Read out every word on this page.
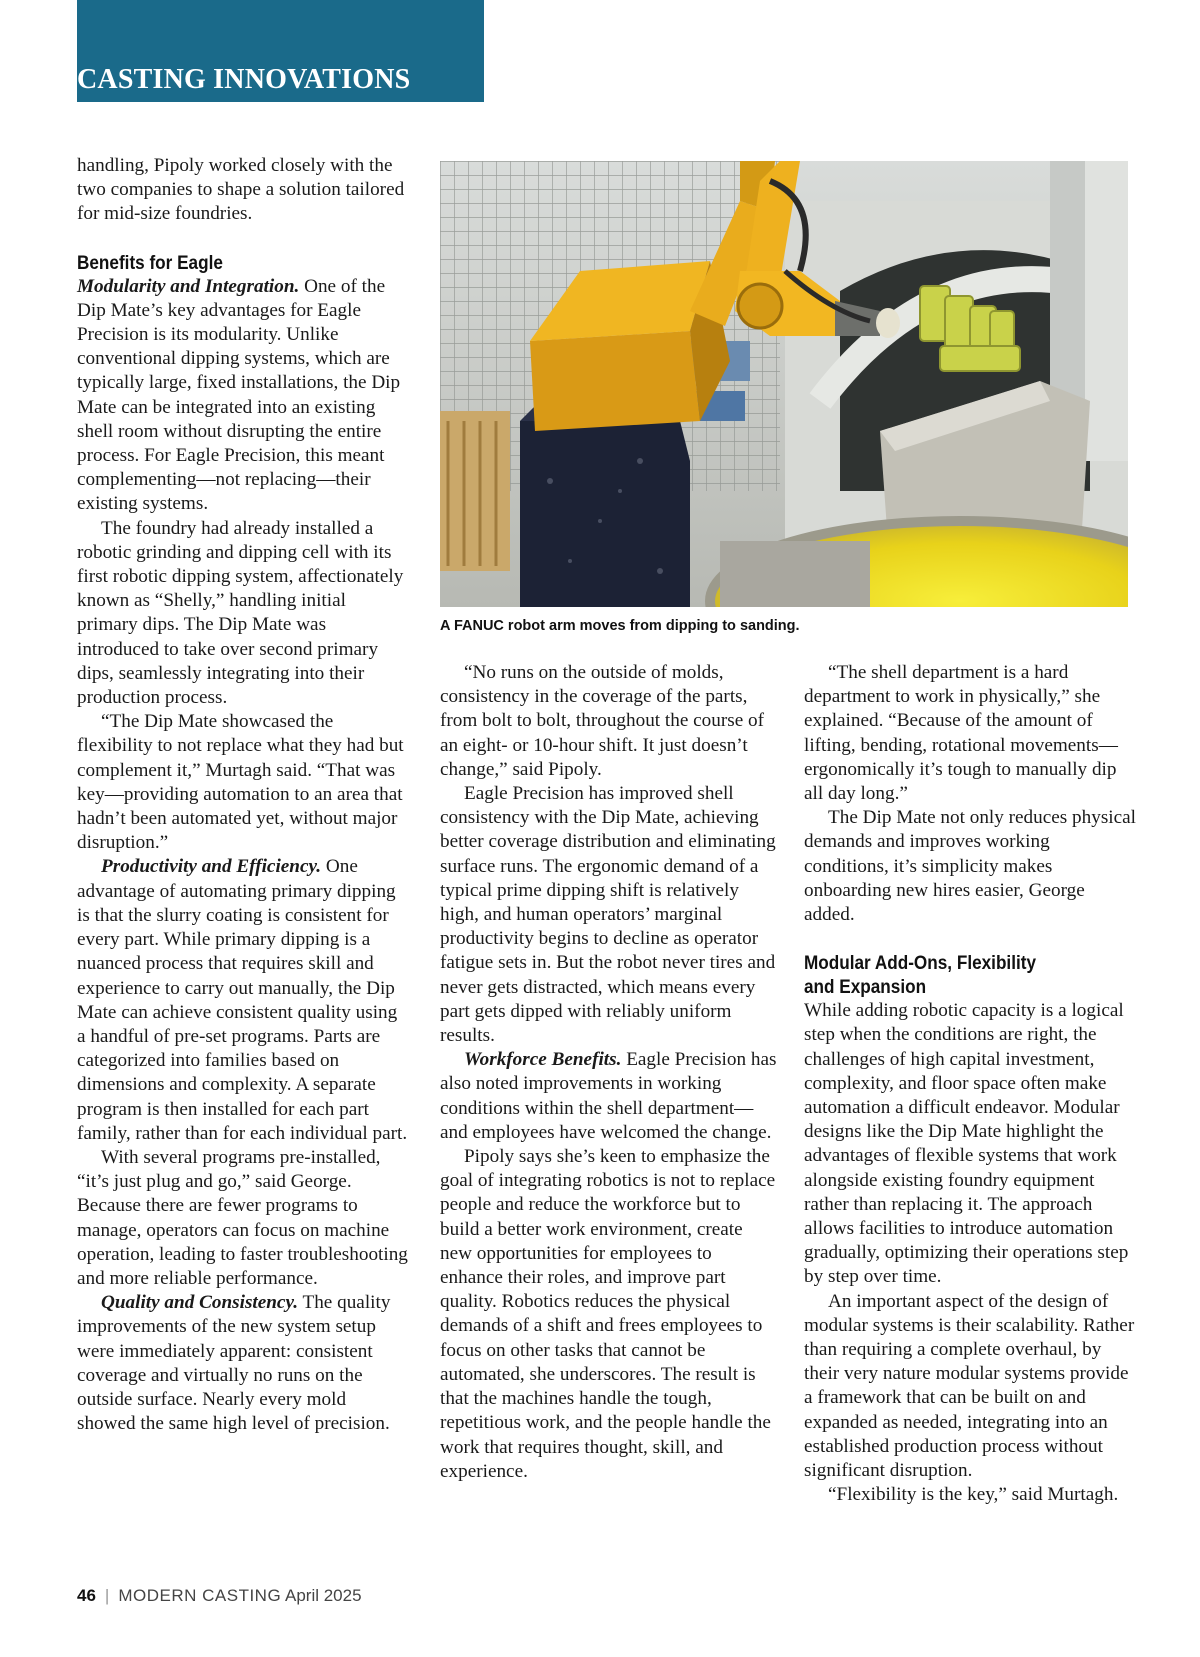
CASTING INNOVATIONS

handling, Pipoly worked closely with the two companies to shape a solution tailored for mid-size foundries.

Benefits for Eagle

Modularity and Integration. One of the Dip Mate’s key advantages for Eagle Precision is its modularity. Unlike conventional dipping systems, which are typically large, fixed installations, the Dip Mate can be integrated into an existing shell room without disrupting the entire process. For Eagle Precision, this meant complementing—not replacing—their existing systems.

The foundry had already installed a robotic grinding and dipping cell with its first robotic dipping system, affectionately known as “Shelly,” handling initial primary dips. The Dip Mate was introduced to take over second primary dips, seamlessly integrating into their production process.

“The Dip Mate showcased the flexibility to not replace what they had but complement it,” Murtagh said. “That was key—providing automation to an area that hadn’t been automated yet, without major disruption.”

Productivity and Efficiency. One advantage of automating primary dipping is that the slurry coating is consistent for every part. While primary dipping is a nuanced process that requires skill and experience to carry out manually, the Dip Mate can achieve consistent quality using a handful of pre-set programs. Parts are categorized into families based on dimensions and complexity. A separate program is then installed for each part family, rather than for each individual part.

With several programs pre-installed, “it’s just plug and go,” said George. Because there are fewer programs to manage, operators can focus on machine operation, leading to faster troubleshooting and more reliable performance.

Quality and Consistency. The quality improvements of the new system setup were immediately apparent: consistent coverage and virtually no runs on the outside surface. Nearly every mold showed the same high level of precision.

A FANUC robot arm moves from dipping to sanding.

“No runs on the outside of molds, consistency in the coverage of the parts, from bolt to bolt, throughout the course of an eight- or 10-hour shift. It just doesn’t change,” said Pipoly.

Eagle Precision has improved shell consistency with the Dip Mate, achieving better coverage distribution and eliminating surface runs. The ergonomic demand of a typical prime dipping shift is relatively high, and human operators’ marginal productivity begins to decline as operator fatigue sets in. But the robot never tires and never gets distracted, which means every part gets dipped with reliably uniform results.

Workforce Benefits. Eagle Precision has also noted improvements in working conditions within the shell department—and employees have welcomed the change.

Pipoly says she’s keen to emphasize the goal of integrating robotics is not to replace people and reduce the workforce but to build a better work environment, create new opportunities for employees to enhance their roles, and improve part quality. Robotics reduces the physical demands of a shift and frees employees to focus on other tasks that cannot be automated, she underscores. The result is that the machines handle the tough, repetitious work, and the people handle the work that requires thought, skill, and experience.

“The shell department is a hard department to work in physically,” she explained. “Because of the amount of lifting, bending, rotational movements—ergonomically it’s tough to manually dip all day long.”

The Dip Mate not only reduces physical demands and improves working conditions, it’s simplicity makes onboarding new hires easier, George added.

Modular Add-Ons, Flexibility
and Expansion

While adding robotic capacity is a logical step when the conditions are right, the challenges of high capital investment, complexity, and floor space often make automation a difficult endeavor. Modular designs like the Dip Mate highlight the advantages of flexible systems that work alongside existing foundry equipment rather than replacing it. The approach allows facilities to introduce automation gradually, optimizing their operations step by step over time.

An important aspect of the design of modular systems is their scalability. Rather than requiring a complete overhaul, by their very nature modular systems provide a framework that can be built on and expanded as needed, integrating into an established production process without significant disruption.

“Flexibility is the key,” said Murtagh.

46 | MODERN CASTING April 2025
